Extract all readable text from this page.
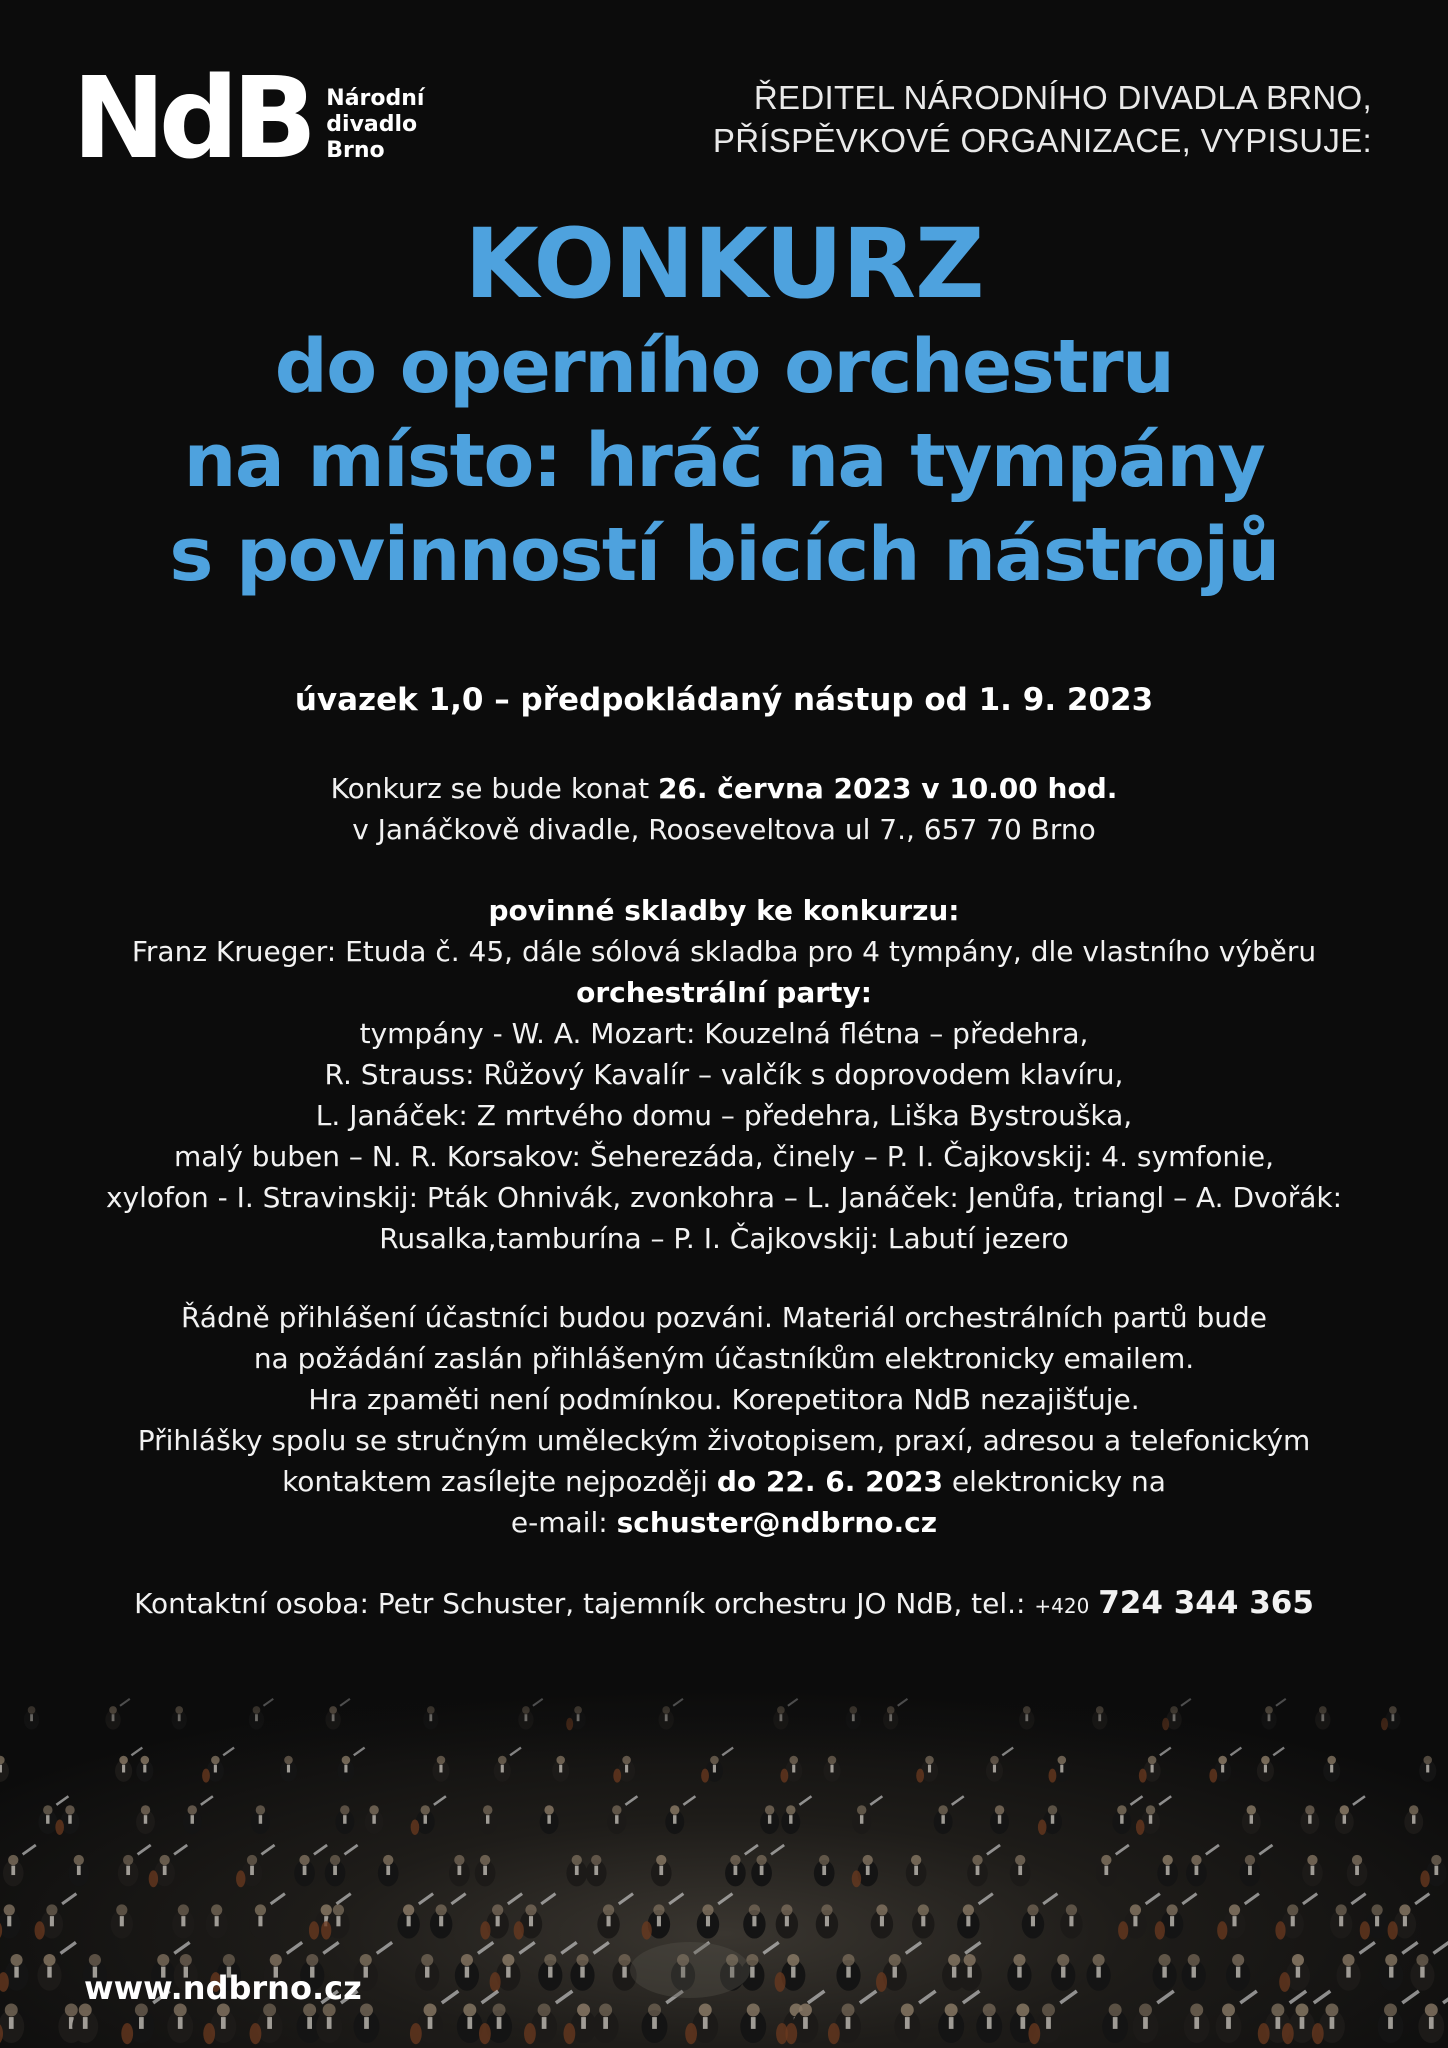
NdB Národní
divadlo
Brno
ŘEDITEL NÁRODNÍHO DIVADLA BRNO,
PŘÍSPĚVKOVÉ ORGANIZACE, VYPISUJE:
KONKURZ
do operního orchestru
na místo: hráč na tympány
s povinností bicích nástrojů
úvazek 1,0 – předpokládaný nástup od 1. 9. 2023
Konkurz se bude konat 26. června 2023 v 10.00 hod.
v Janáčkově divadle, Rooseveltova ul 7., 657 70 Brno
povinné skladby ke konkurzu:
Franz Krueger: Etuda č. 45, dále sólová skladba pro 4 tympány, dle vlastního výběru
orchestrální party:
tympány - W. A. Mozart: Kouzelná flétna – předehra,
R. Strauss: Růžový Kavalír – valčík s doprovodem klavíru,
L. Janáček: Z mrtvého domu – předehra, Liška Bystrouška,
malý buben – N. R. Korsakov: Šeherezáda, činely – P. I. Čajkovskij: 4. symfonie,
xylofon - I. Stravinskij: Pták Ohnivák, zvonkohra – L. Janáček: Jenůfa, triangl – A. Dvořák:
Rusalka,tamburína – P. I. Čajkovskij: Labutí jezero
Řádně přihlášení účastníci budou pozváni. Materiál orchestrálních partů bude
na požádání zaslán přihlášeným účastníkům elektronicky emailem.
Hra zpaměti není podmínkou. Korepetitora NdB nezajišťuje.
Přihlášky spolu se stručným uměleckým životopisem, praxí, adresou a telefonickým
kontaktem zasílejte nejpozději do 22. 6. 2023 elektronicky na
e-mail: schuster@ndbrno.cz
Kontaktní osoba: Petr Schuster, tajemník orchestru JO NdB, tel.: +420 724 344 365
www.ndbrno.cz
